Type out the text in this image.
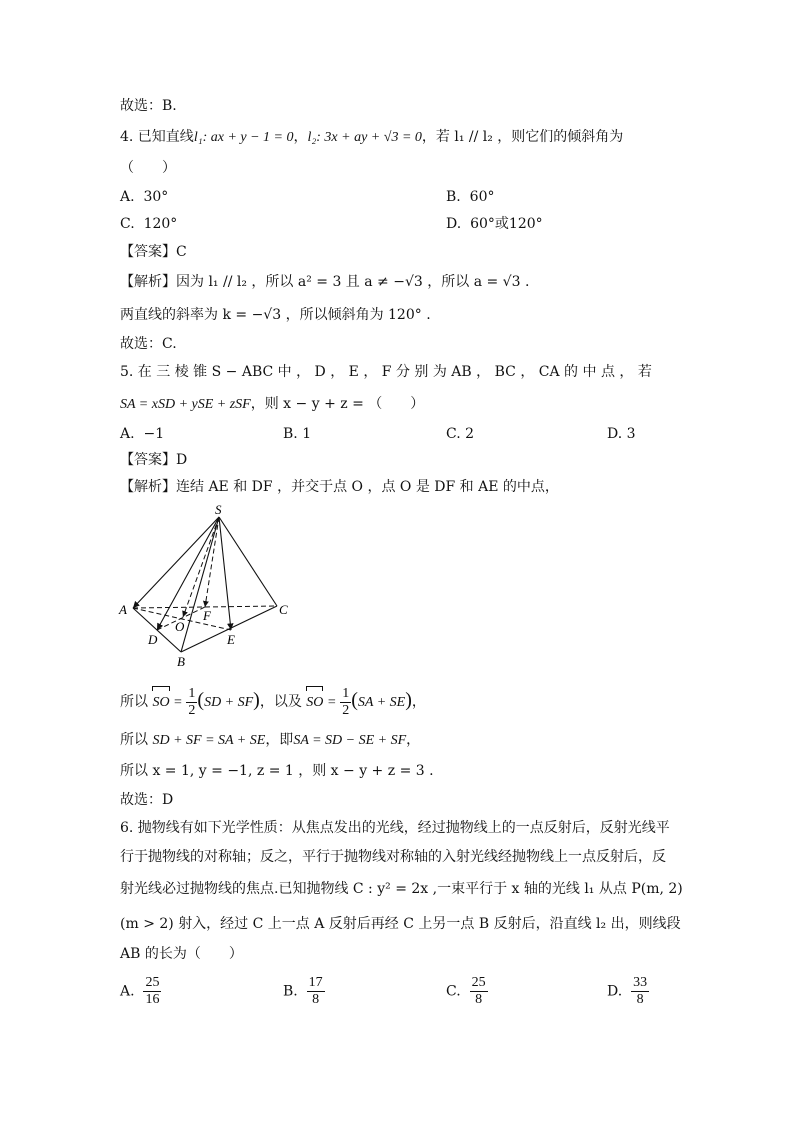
故选：B.
4. 已知直线l₁: ax + y − 1 = 0，l₂: 3x + ay + √3 = 0，若 l₁ // l₂ ，则它们的倾斜角为
（　　）
A. 30°	B. 60°
C. 120°	D. 60°或120°
【答案】C
【解析】因为 l₁ // l₂ ，所以 a² = 3 且 a ≠ −√3 ，所以 a = √3 .
两直线的斜率为 k = −√3 ，所以倾斜角为 120° .
故选：C.
5. 在 三 棱 锥 S − ABC 中 ， D ， E ， F 分 别 为 AB ， BC ， CA 的 中 点 ， 若
SA = xSD + ySE + zSF，则 x − y + z = （　　）
A. −1	B. 1	C. 2	D. 3
【答案】D
【解析】连结 AE 和 DF ，并交于点 O ，点 O 是 DF 和 AE 的中点，
S
A	C
D	E
F
O
B
所以 SO = $\frac{1}{2} (SD + SF)$，以及 SO = $\frac{1}{2} (SA + SE)$，
所以 SD + SF = SA + SE，即SA = SD − SE + SF，
所以 x = 1, y = −1, z = 1 ，则 x − y + z = 3 .
故选：D
6. 抛物线有如下光学性质：从焦点发出的光线，经过抛物线上的一点反射后，反射光线平
行于抛物线的对称轴；反之，平行于抛物线对称轴的入射光线经抛物线上一点反射后，反
射光线必过抛物线的焦点.已知抛物线 C : y² = 2x ,一束平行于 x 轴的光线 l₁ 从点 P(m, 2)
(m > 2) 射入，经过 C 上一点 A 反射后再经 C 上另一点 B 反射后，沿直线 l₂ 出，则线段
AB 的长为（　　）
A. $\frac{25}{16}$	B. $\frac{17}{8}$	C. $\frac{25}{8}$	D. $\frac{33}{8}$
